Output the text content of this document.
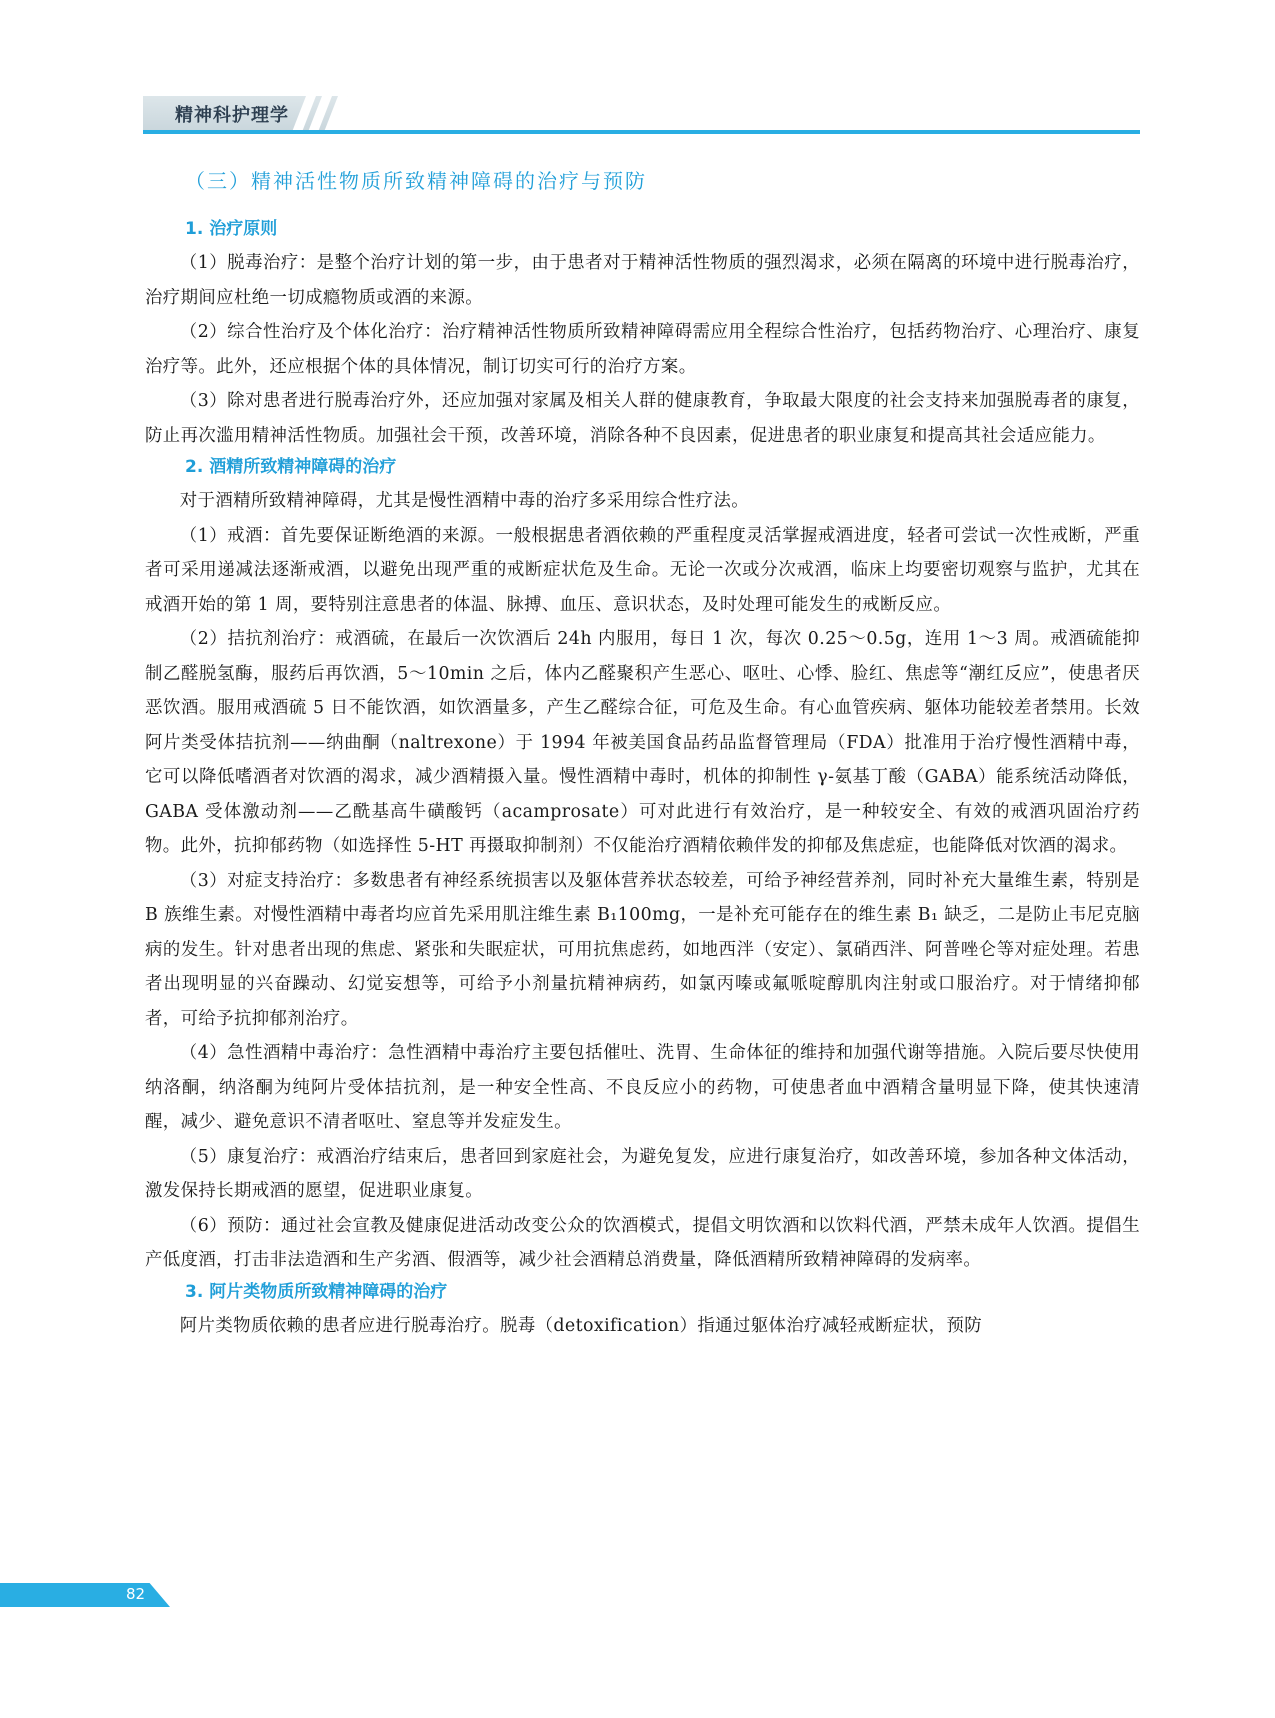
精神科护理学
（三）精神活性物质所致精神障碍的治疗与预防
1. 治疗原则

（1）脱毒治疗：是整个治疗计划的第一步，由于患者对于精神活性物质的强烈渴求，必须在隔离的环境中进行脱毒治疗，治疗期间应杜绝一切成瘾物质或酒的来源。

（2）综合性治疗及个体化治疗：治疗精神活性物质所致精神障碍需应用全程综合性治疗，包括药物治疗、心理治疗、康复治疗等。此外，还应根据个体的具体情况，制订切实可行的治疗方案。

（3）除对患者进行脱毒治疗外，还应加强对家属及相关人群的健康教育，争取最大限度的社会支持来加强脱毒者的康复，防止再次滥用精神活性物质。加强社会干预，改善环境，消除各种不良因素，促进患者的职业康复和提高其社会适应能力。

2. 酒精所致精神障碍的治疗

对于酒精所致精神障碍，尤其是慢性酒精中毒的治疗多采用综合性疗法。

（1）戒酒：首先要保证断绝酒的来源。一般根据患者酒依赖的严重程度灵活掌握戒酒进度，轻者可尝试一次性戒断，严重者可采用递减法逐渐戒酒，以避免出现严重的戒断症状危及生命。无论一次或分次戒酒，临床上均要密切观察与监护，尤其在戒酒开始的第 1 周，要特别注意患者的体温、脉搏、血压、意识状态，及时处理可能发生的戒断反应。

（2）拮抗剂治疗：戒酒硫，在最后一次饮酒后 24h 内服用，每日 1 次，每次 0.25～0.5g，连用 1～3 周。戒酒硫能抑制乙醛脱氢酶，服药后再饮酒，5～10min 之后，体内乙醛聚积产生恶心、呕吐、心悸、脸红、焦虑等“潮红反应”，使患者厌恶饮酒。服用戒酒硫 5 日不能饮酒，如饮酒量多，产生乙醛综合征，可危及生命。有心血管疾病、躯体功能较差者禁用。长效阿片类受体拮抗剂——纳曲酮（naltrexone）于 1994 年被美国食品药品监督管理局（FDA）批准用于治疗慢性酒精中毒，它可以降低嗜酒者对饮酒的渴求，减少酒精摄入量。慢性酒精中毒时，机体的抑制性 γ-氨基丁酸（GABA）能系统活动降低，GABA 受体激动剂——乙酰基高牛磺酸钙（acamprosate）可对此进行有效治疗，是一种较安全、有效的戒酒巩固治疗药物。此外，抗抑郁药物（如选择性 5-HT 再摄取抑制剂）不仅能治疗酒精依赖伴发的抑郁及焦虑症，也能降低对饮酒的渴求。

（3）对症支持治疗：多数患者有神经系统损害以及躯体营养状态较差，可给予神经营养剂，同时补充大量维生素，特别是 B 族维生素。对慢性酒精中毒者均应首先采用肌注维生素 B₁100mg，一是补充可能存在的维生素 B₁ 缺乏，二是防止韦尼克脑病的发生。针对患者出现的焦虑、紧张和失眠症状，可用抗焦虑药，如地西泮（安定）、氯硝西泮、阿普唑仑等对症处理。若患者出现明显的兴奋躁动、幻觉妄想等，可给予小剂量抗精神病药，如氯丙嗪或氟哌啶醇肌肉注射或口服治疗。对于情绪抑郁者，可给予抗抑郁剂治疗。

（4）急性酒精中毒治疗：急性酒精中毒治疗主要包括催吐、洗胃、生命体征的维持和加强代谢等措施。入院后要尽快使用纳洛酮，纳洛酮为纯阿片受体拮抗剂，是一种安全性高、不良反应小的药物，可使患者血中酒精含量明显下降，使其快速清醒，减少、避免意识不清者呕吐、窒息等并发症发生。

（5）康复治疗：戒酒治疗结束后，患者回到家庭社会，为避免复发，应进行康复治疗，如改善环境，参加各种文体活动，激发保持长期戒酒的愿望，促进职业康复。

（6）预防：通过社会宣教及健康促进活动改变公众的饮酒模式，提倡文明饮酒和以饮料代酒，严禁未成年人饮酒。提倡生产低度酒，打击非法造酒和生产劣酒、假酒等，减少社会酒精总消费量，降低酒精所致精神障碍的发病率。

3. 阿片类物质所致精神障碍的治疗

阿片类物质依赖的患者应进行脱毒治疗。脱毒（detoxification）指通过躯体治疗减轻戒断症状，预防

82
